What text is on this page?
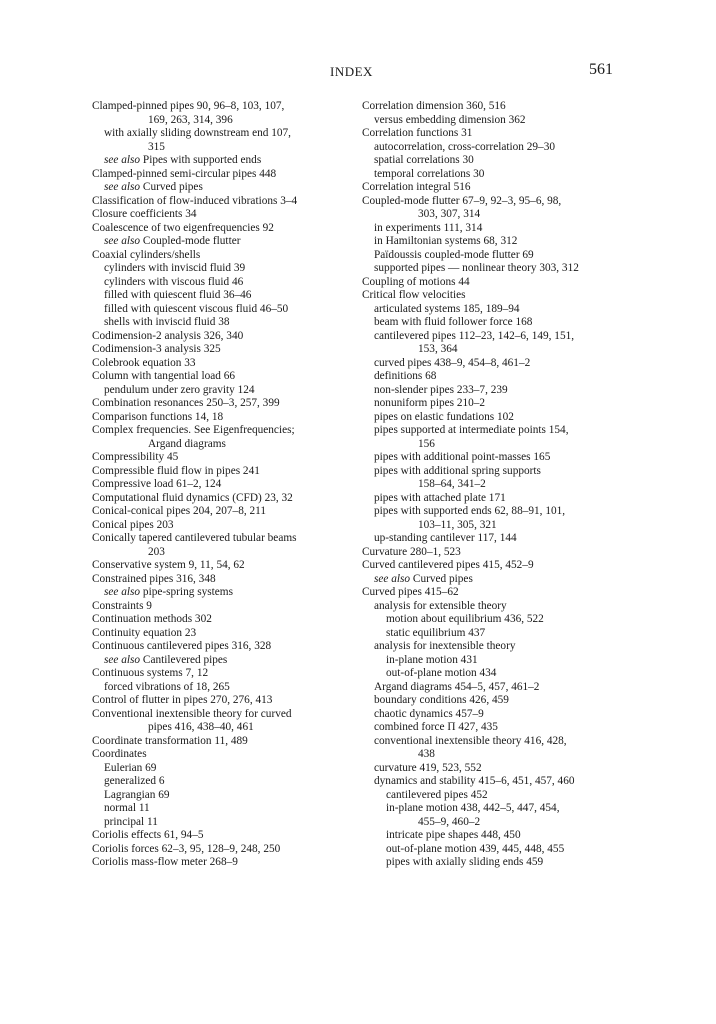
INDEX	561
Clamped-pinned pipes 90, 96–8, 103, 107,
169, 263, 314, 396
with axially sliding downstream end 107,
315
see also Pipes with supported ends
Clamped-pinned semi-circular pipes 448
see also Curved pipes
Classification of flow-induced vibrations 3–4
Closure coefficients 34
Coalescence of two eigenfrequencies 92
see also Coupled-mode flutter
Coaxial cylinders/shells
cylinders with inviscid fluid 39
cylinders with viscous fluid 46
filled with quiescent fluid 36–46
filled with quiescent viscous fluid 46–50
shells with inviscid fluid 38
Codimension-2 analysis 326, 340
Codimension-3 analysis 325
Colebrook equation 33
Column with tangential load 66
pendulum under zero gravity 124
Combination resonances 250–3, 257, 399
Comparison functions 14, 18
Complex frequencies. See Eigenfrequencies;
Argand diagrams
Compressibility 45
Compressible fluid flow in pipes 241
Compressive load 61–2, 124
Computational fluid dynamics (CFD) 23, 32
Conical-conical pipes 204, 207–8, 211
Conical pipes 203
Conically tapered cantilevered tubular beams
203
Conservative system 9, 11, 54, 62
Constrained pipes 316, 348
see also pipe-spring systems
Constraints 9
Continuation methods 302
Continuity equation 23
Continuous cantilevered pipes 316, 328
see also Cantilevered pipes
Continuous systems 7, 12
forced vibrations of 18, 265
Control of flutter in pipes 270, 276, 413
Conventional inextensible theory for curved
pipes 416, 438–40, 461
Coordinate transformation 11, 489
Coordinates
Eulerian 69
generalized 6
Lagrangian 69
normal 11
principal 11
Coriolis effects 61, 94–5
Coriolis forces 62–3, 95, 128–9, 248, 250
Coriolis mass-flow meter 268–9
Correlation dimension 360, 516
versus embedding dimension 362
Correlation functions 31
autocorrelation, cross-correlation 29–30
spatial correlations 30
temporal correlations 30
Correlation integral 516
Coupled-mode flutter 67–9, 92–3, 95–6, 98,
303, 307, 314
in experiments 111, 314
in Hamiltonian systems 68, 312
Païdoussis coupled-mode flutter 69
supported pipes — nonlinear theory 303, 312
Coupling of motions 44
Critical flow velocities
articulated systems 185, 189–94
beam with fluid follower force 168
cantilevered pipes 112–23, 142–6, 149, 151,
153, 364
curved pipes 438–9, 454–8, 461–2
definitions 68
non-slender pipes 233–7, 239
nonuniform pipes 210–2
pipes on elastic fundations 102
pipes supported at intermediate points 154,
156
pipes with additional point-masses 165
pipes with additional spring supports
158–64, 341–2
pipes with attached plate 171
pipes with supported ends 62, 88–91, 101,
103–11, 305, 321
up-standing cantilever 117, 144
Curvature 280–1, 523
Curved cantilevered pipes 415, 452–9
see also Curved pipes
Curved pipes 415–62
analysis for extensible theory
motion about equilibrium 436, 522
static equilibrium 437
analysis for inextensible theory
in-plane motion 431
out-of-plane motion 434
Argand diagrams 454–5, 457, 461–2
boundary conditions 426, 459
chaotic dynamics 457–9
combined force Π 427, 435
conventional inextensible theory 416, 428,
438
curvature 419, 523, 552
dynamics and stability 415–6, 451, 457, 460
cantilevered pipes 452
in-plane motion 438, 442–5, 447, 454,
455–9, 460–2
intricate pipe shapes 448, 450
out-of-plane motion 439, 445, 448, 455
pipes with axially sliding ends 459
